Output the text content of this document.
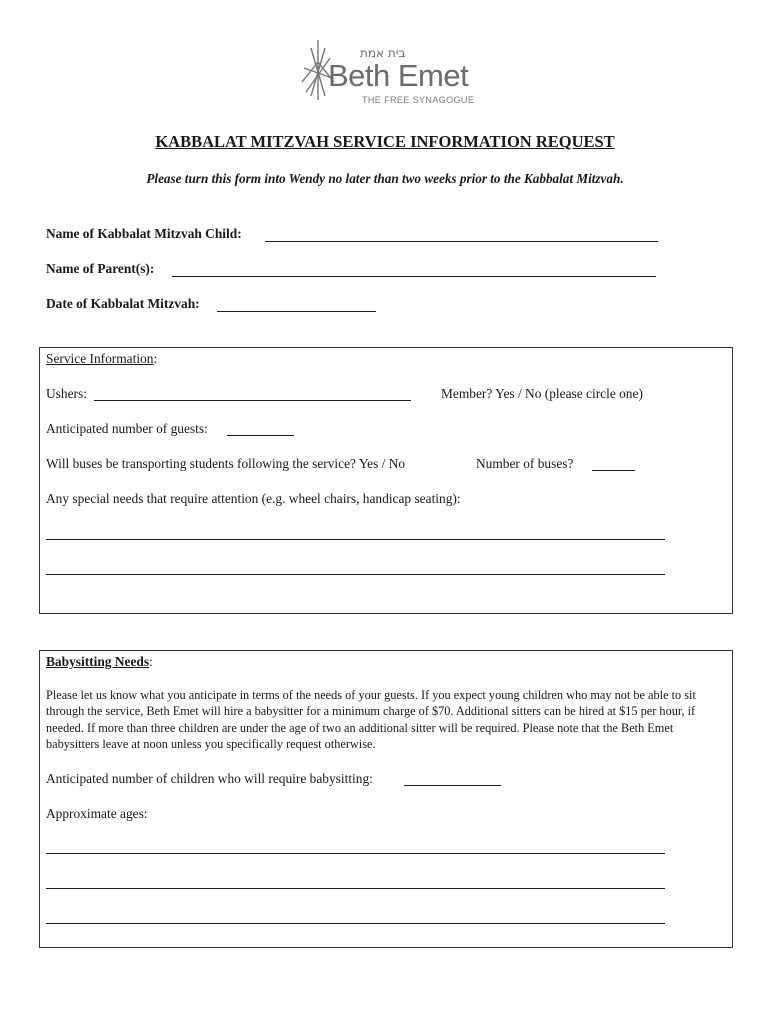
בית אמת
Beth Emet
THE FREE SYNAGOGUE
KABBALAT MITZVAH SERVICE INFORMATION REQUEST
Please turn this form into Wendy no later than two weeks prior to the Kabbalat Mitzvah.
Name of Kabbalat Mitzvah Child:
Name of Parent(s):
Date of Kabbalat Mitzvah:
Service Information:
Ushers:	Member? Yes / No (please circle one)
Anticipated number of guests:
Will buses be transporting students following the service? Yes / No	Number of buses?
Any special needs that require attention (e.g. wheel chairs, handicap seating):
Babysitting Needs:
Please let us know what you anticipate in terms of the needs of your guests. If you expect young children who may not be able to sit through the service, Beth Emet will hire a babysitter for a minimum charge of $70. Additional sitters can be hired at $15 per hour, if needed. If more than three children are under the age of two an additional sitter will be required. Please note that the Beth Emet babysitters leave at noon unless you specifically request otherwise.
Anticipated number of children who will require babysitting:
Approximate ages:
